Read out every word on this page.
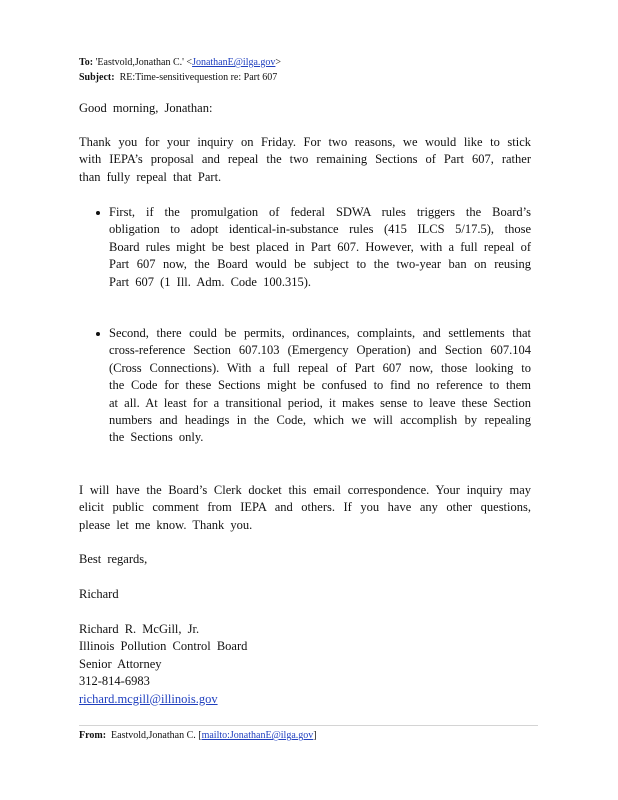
To: 'Eastvold,Jonathan C.' <JonathanE@ilga.gov>
Subject: RE:Time-sensitivequestion re: Part 607

Good morning, Jonathan:

Thank you for your inquiry on Friday. For two reasons, we would like to stick with IEPA’s proposal and repeal the two remaining Sections of Part 607, rather than fully repeal that Part.

First, if the promulgation of federal SDWA rules triggers the Board’s obligation to adopt identical-in-substance rules (415 ILCS 5/17.5), those Board rules might be best placed in Part 607. However, with a full repeal of Part 607 now, the Board would be subject to the two-year ban on reusing Part 607 (1 Ill. Adm. Code 100.315).
Second, there could be permits, ordinances, complaints, and settlements that cross-reference Section 607.103 (Emergency Operation) and Section 607.104 (Cross Connections). With a full repeal of Part 607 now, those looking to the Code for these Sections might be confused to find no reference to them at all. At least for a transitional period, it makes sense to leave these Section numbers and headings in the Code, which we will accomplish by repealing the Sections only.

I will have the Board’s Clerk docket this email correspondence. Your inquiry may elicit public comment from IEPA and others. If you have any other questions, please let me know. Thank you.

Best regards,
Richard
Richard R. McGill, Jr.
Illinois Pollution Control Board
Senior Attorney
312-814-6983
richard.mcgill@illinois.gov
From: Eastvold,Jonathan C. [mailto:JonathanE@ilga.gov]
